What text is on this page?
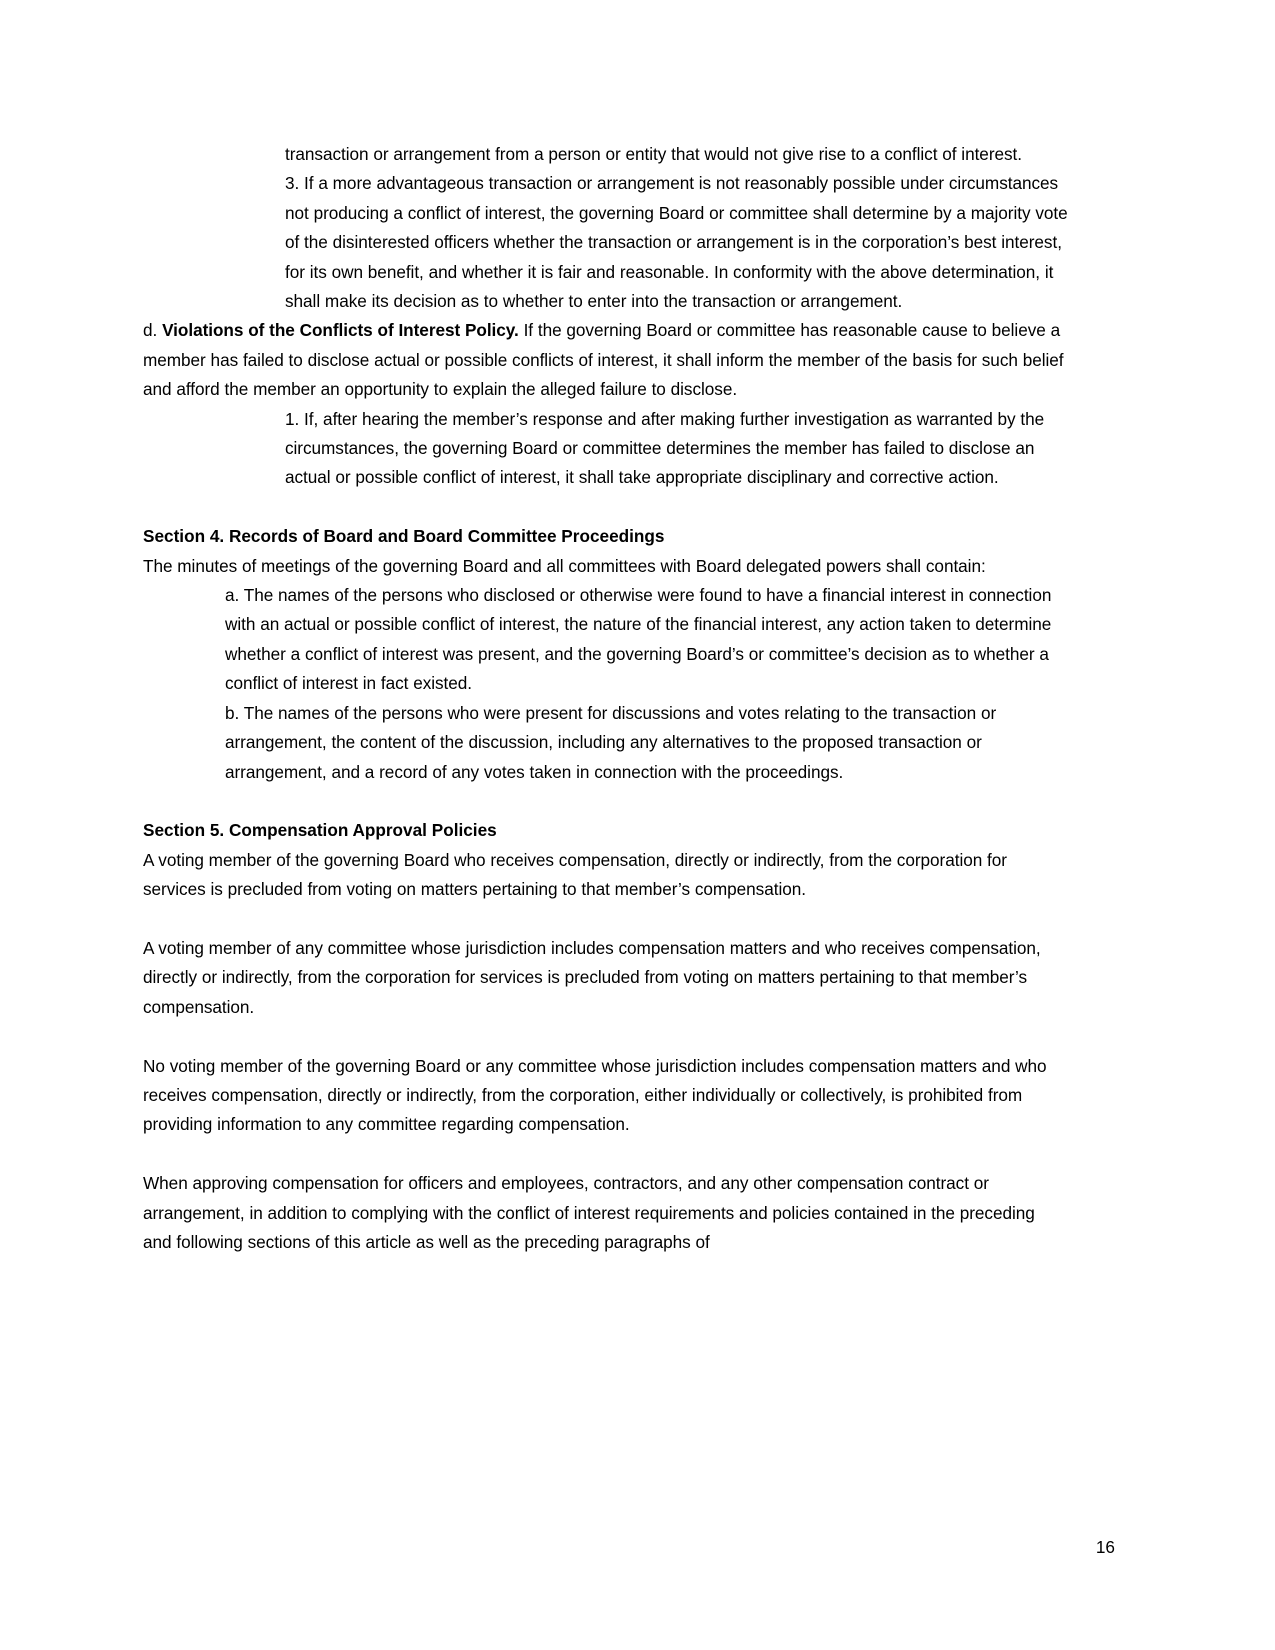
transaction or arrangement from a person or entity that would not give rise to a conflict of interest.

3. If a more advantageous transaction or arrangement is not reasonably possible under circumstances not producing a conflict of interest, the governing Board or committee shall determine by a majority vote of the disinterested officers whether the transaction or arrangement is in the corporation’s best interest, for its own benefit, and whether it is fair and reasonable. In conformity with the above determination, it shall make its decision as to whether to enter into the transaction or arrangement.

d. Violations of the Conflicts of Interest Policy. If the governing Board or committee has reasonable cause to believe a member has failed to disclose actual or possible conflicts of interest, it shall inform the member of the basis for such belief and afford the member an opportunity to explain the alleged failure to disclose.

1. If, after hearing the member’s response and after making further investigation as warranted by the circumstances, the governing Board or committee determines the member has failed to disclose an actual or possible conflict of interest, it shall take appropriate disciplinary and corrective action.

Section 4. Records of Board and Board Committee Proceedings

The minutes of meetings of the governing Board and all committees with Board delegated powers shall contain:

a. The names of the persons who disclosed or otherwise were found to have a financial interest in connection with an actual or possible conflict of interest, the nature of the financial interest, any action taken to determine whether a conflict of interest was present, and the governing Board’s or committee’s decision as to whether a conflict of interest in fact existed.

b. The names of the persons who were present for discussions and votes relating to the transaction or arrangement, the content of the discussion, including any alternatives to the proposed transaction or arrangement, and a record of any votes taken in connection with the proceedings.

Section 5. Compensation Approval Policies

A voting member of the governing Board who receives compensation, directly or indirectly, from the corporation for services is precluded from voting on matters pertaining to that member’s compensation.

A voting member of any committee whose jurisdiction includes compensation matters and who receives compensation, directly or indirectly, from the corporation for services is precluded from voting on matters pertaining to that member’s compensation.

No voting member of the governing Board or any committee whose jurisdiction includes compensation matters and who receives compensation, directly or indirectly, from the corporation, either individually or collectively, is prohibited from providing information to any committee regarding compensation.

When approving compensation for officers and employees, contractors, and any other compensation contract or arrangement, in addition to complying with the conflict of interest requirements and policies contained in the preceding and following sections of this article as well as the preceding paragraphs of

16
